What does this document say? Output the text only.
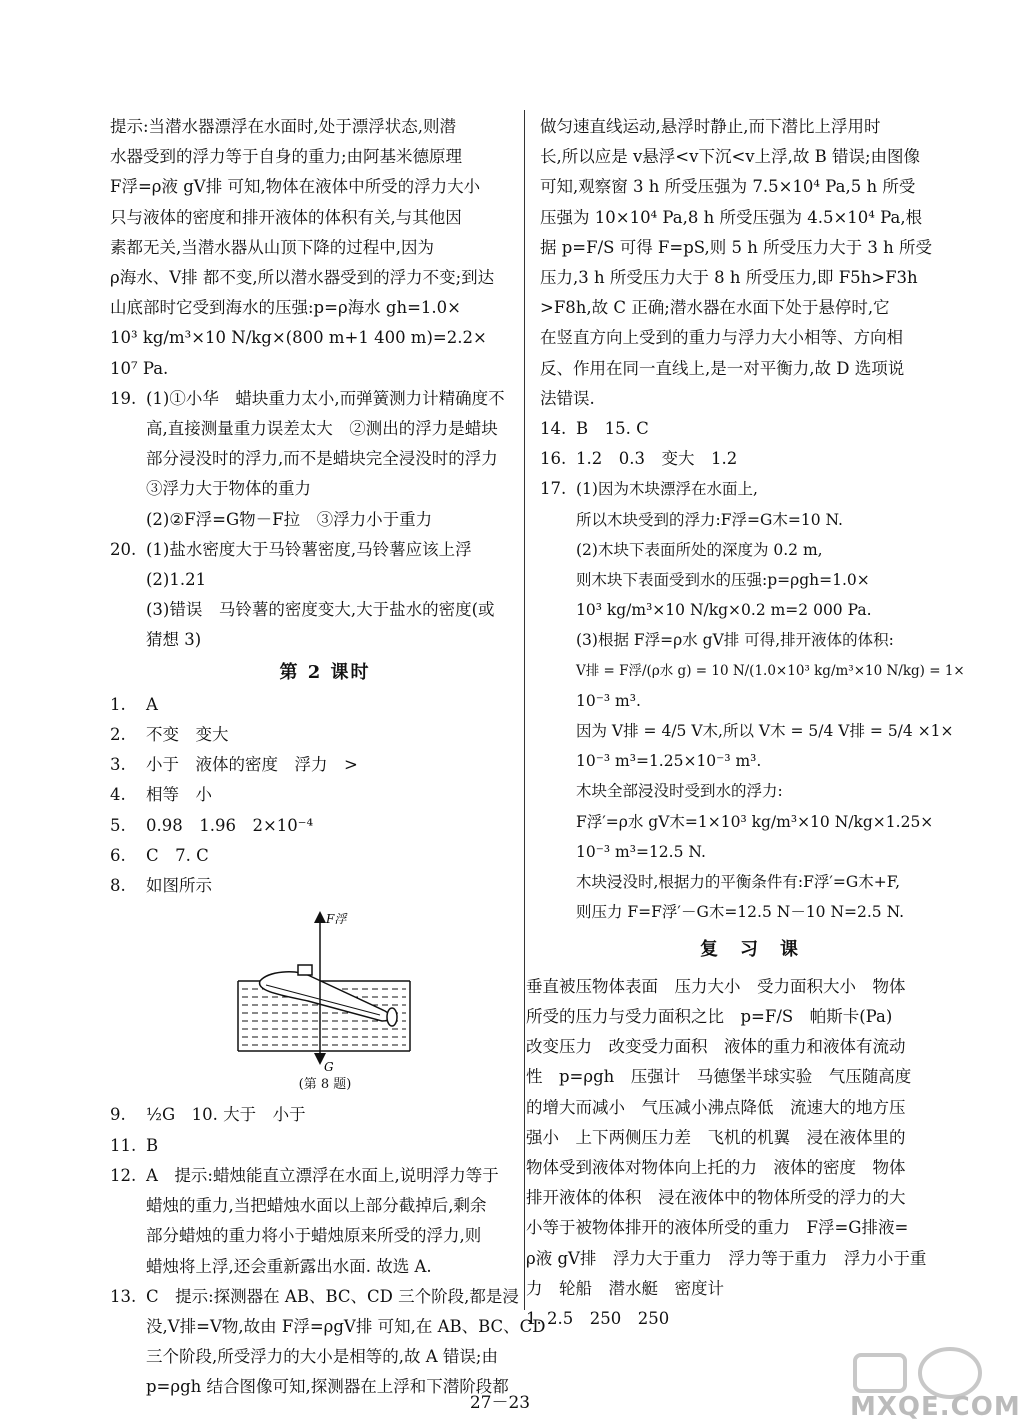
提示:当潜水器漂浮在水面时,处于漂浮状态,则潜
水器受到的浮力等于自身的重力;由阿基米德原理
F浮=ρ液 gV排 可知,物体在液体中所受的浮力大小
只与液体的密度和排开液体的体积有关,与其他因
素都无关,当潜水器从山顶下降的过程中,因为
ρ海水、V排 都不变,所以潜水器受到的浮力不变;到达
山底部时它受到海水的压强:p=ρ海水 gh=1.0×
10³ kg/m³×10 N/kg×(800 m+1 400 m)=2.2×
10⁷ Pa.
19. (1)①小华　蜡块重力太小,而弹簧测力计精确度不
高,直接测量重力误差太大　②测出的浮力是蜡块
部分浸没时的浮力,而不是蜡块完全浸没时的浮力
③浮力大于物体的重力
(2)②F浮=G物－F拉　③浮力小于重力
20. (1)盐水密度大于马铃薯密度,马铃薯应该上浮
(2)1.21
(3)错误　马铃薯的密度变大,大于盐水的密度(或
猜想 3)
第 2 课时
1.	A
2.	不变　变大
3.	小于　液体的密度　浮力　>
4.	相等　小
5.	0.98　1.96　2×10⁻⁴
6.	C　7. C
8.	如图所示
F浮
G
(第 8 题)
9.	½G　10. 大于　小于
11. B
12. A　提示:蜡烛能直立漂浮在水面上,说明浮力等于
蜡烛的重力,当把蜡烛水面以上部分截掉后,剩余
部分蜡烛的重力将小于蜡烛原来所受的浮力,则
蜡烛将上浮,还会重新露出水面. 故选 A.
13. C　提示:探测器在 AB、BC、CD 三个阶段,都是浸
没,V排=V物,故由 F浮=ρgV排 可知,在 AB、BC、CD
三个阶段,所受浮力的大小是相等的,故 A 错误;由
p=ρgh 结合图像可知,探测器在上浮和下潜阶段都
做匀速直线运动,悬浮时静止,而下潜比上浮用时
长,所以应是 v悬浮<v下沉<v上浮,故 B 错误;由图像
可知,观察窗 3 h 所受压强为 7.5×10⁴ Pa,5 h 所受
压强为 10×10⁴ Pa,8 h 所受压强为 4.5×10⁴ Pa,根
据 p=F/S 可得 F=pS,则 5 h 所受压力大于 3 h 所受
压力,3 h 所受压力大于 8 h 所受压力,即 F5h>F3h
>F8h,故 C 正确;潜水器在水面下处于悬停时,它
在竖直方向上受到的重力与浮力大小相等、方向相
反、作用在同一直线上,是一对平衡力,故 D 选项说
法错误.
14. B　15. C
16. 1.2　0.3　变大　1.2
17. (1)因为木块漂浮在水面上,
所以木块受到的浮力:F浮=G木=10 N.
(2)木块下表面所处的深度为 0.2 m,
则木块下表面受到水的压强:p=ρgh=1.0×
10³ kg/m³×10 N/kg×0.2 m=2 000 Pa.
(3)根据 F浮=ρ水 gV排 可得,排开液体的体积:
V排 = F浮/(ρ水 g) = 10 N/(1.0×10³ kg/m³×10 N/kg) = 1×
10⁻³ m³.
因为 V排 = 4/5 V木,所以 V木 = 5/4 V排 = 5/4 ×1×
10⁻³ m³=1.25×10⁻³ m³.
木块全部浸没时受到水的浮力:
F浮′=ρ水 gV木=1×10³ kg/m³×10 N/kg×1.25×
10⁻³ m³=12.5 N.
木块浸没时,根据力的平衡条件有:F浮′=G木+F,
则压力 F=F浮′－G木=12.5 N－10 N=2.5 N.
复　习　课
垂直被压物体表面　压力大小　受力面积大小　物体
所受的压力与受力面积之比　p=F/S　帕斯卡(Pa)
改变压力　改变受力面积　液体的重力和液体有流动
性　p=ρgh　压强计　马德堡半球实验　气压随高度
的增大而减小　气压减小沸点降低　流速大的地方压
强小　上下两侧压力差　飞机的机翼　浸在液体里的
物体受到液体对物体向上托的力　液体的密度　物体
排开液体的体积　浸在液体中的物体所受的浮力的大
小等于被物体排开的液体所受的重力　F浮=G排液=
ρ液 gV排　浮力大于重力　浮力等于重力　浮力小于重
力　轮船　潜水艇　密度计
1. 2.5　250　250
27－23	MXQE.COM
